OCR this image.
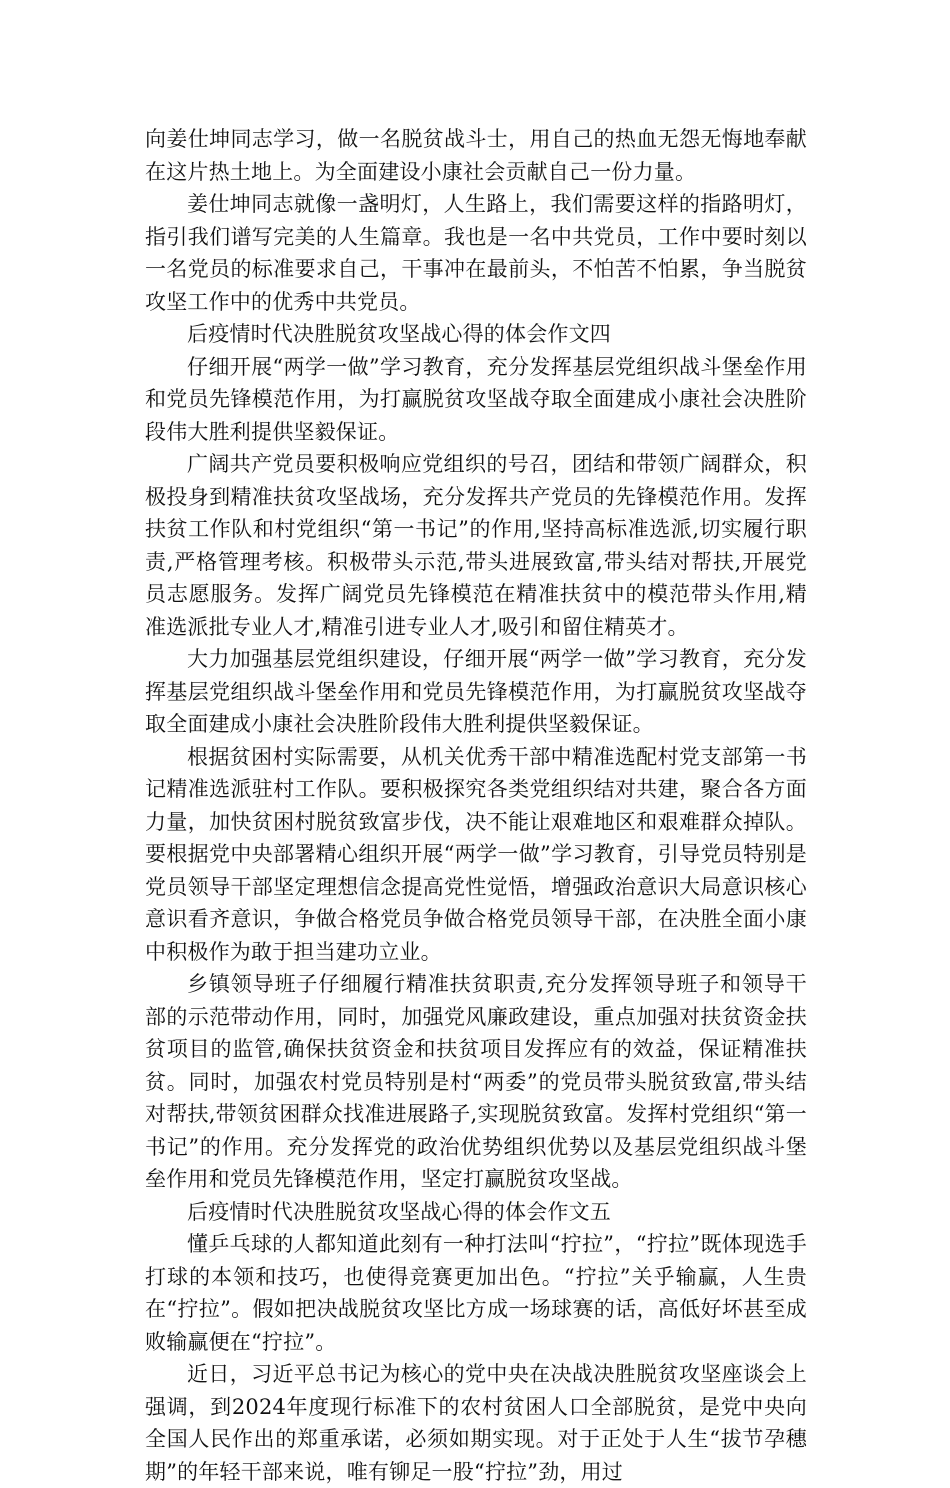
向姜仕坤同志学习，做一名脱贫战斗士，用自己的热血无怨无悔地奉献在这片热土地上。为全面建设小康社会贡献自己一份力量。

姜仕坤同志就像一盏明灯，人生路上，我们需要这样的指路明灯，指引我们谱写完美的人生篇章。我也是一名中共党员，工作中要时刻以一名党员的标准要求自己，干事冲在最前头，不怕苦不怕累，争当脱贫攻坚工作中的优秀中共党员。

后疫情时代决胜脱贫攻坚战心得的体会作文四

仔细开展“两学一做”学习教育，充分发挥基层党组织战斗堡垒作用和党员先锋模范作用，为打赢脱贫攻坚战夺取全面建成小康社会决胜阶段伟大胜利提供坚毅保证。

广阔共产党员要积极响应党组织的号召，团结和带领广阔群众，积极投身到精准扶贫攻坚战场，充分发挥共产党员的先锋模范作用。发挥扶贫工作队和村党组织“第一书记”的作用,坚持高标准选派,切实履行职责,严格管理考核。积极带头示范,带头进展致富,带头结对帮扶,开展党员志愿服务。发挥广阔党员先锋模范在精准扶贫中的模范带头作用,精准选派批专业人才,精准引进专业人才,吸引和留住精英才。

大力加强基层党组织建设，仔细开展“两学一做”学习教育，充分发挥基层党组织战斗堡垒作用和党员先锋模范作用，为打赢脱贫攻坚战夺取全面建成小康社会决胜阶段伟大胜利提供坚毅保证。

根据贫困村实际需要，从机关优秀干部中精准选配村党支部第一书记精准选派驻村工作队。要积极探究各类党组织结对共建，聚合各方面力量，加快贫困村脱贫致富步伐，决不能让艰难地区和艰难群众掉队。要根据党中央部署精心组织开展“两学一做”学习教育，引导党员特别是党员领导干部坚定理想信念提高党性觉悟，增强政治意识大局意识核心意识看齐意识，争做合格党员争做合格党员领导干部，在决胜全面小康中积极作为敢于担当建功立业。

乡镇领导班子仔细履行精准扶贫职责,充分发挥领导班子和领导干部的示范带动作用，同时，加强党风廉政建设，重点加强对扶贫资金扶贫项目的监管,确保扶贫资金和扶贫项目发挥应有的效益，保证精准扶贫。同时，加强农村党员特别是村“两委”的党员带头脱贫致富,带头结对帮扶,带领贫困群众找准进展路子,实现脱贫致富。发挥村党组织“第一书记”的作用。充分发挥党的政治优势组织优势以及基层党组织战斗堡垒作用和党员先锋模范作用，坚定打赢脱贫攻坚战。

后疫情时代决胜脱贫攻坚战心得的体会作文五

懂乒乓球的人都知道此刻有一种打法叫“拧拉”，“拧拉”既体现选手打球的本领和技巧，也使得竞赛更加出色。“拧拉”关乎输赢，人生贵在“拧拉”。假如把决战脱贫攻坚比方成一场球赛的话，高低好坏甚至成败输赢便在“拧拉”。

近日，习近平总书记为核心的党中央在决战决胜脱贫攻坚座谈会上强调，到2024年度现行标准下的农村贫困人口全部脱贫，是党中央向全国人民作出的郑重承诺，必须如期实现。对于正处于人生“拔节孕穗期”的年轻干部来说，唯有铆足一股“拧拉”劲，用过
